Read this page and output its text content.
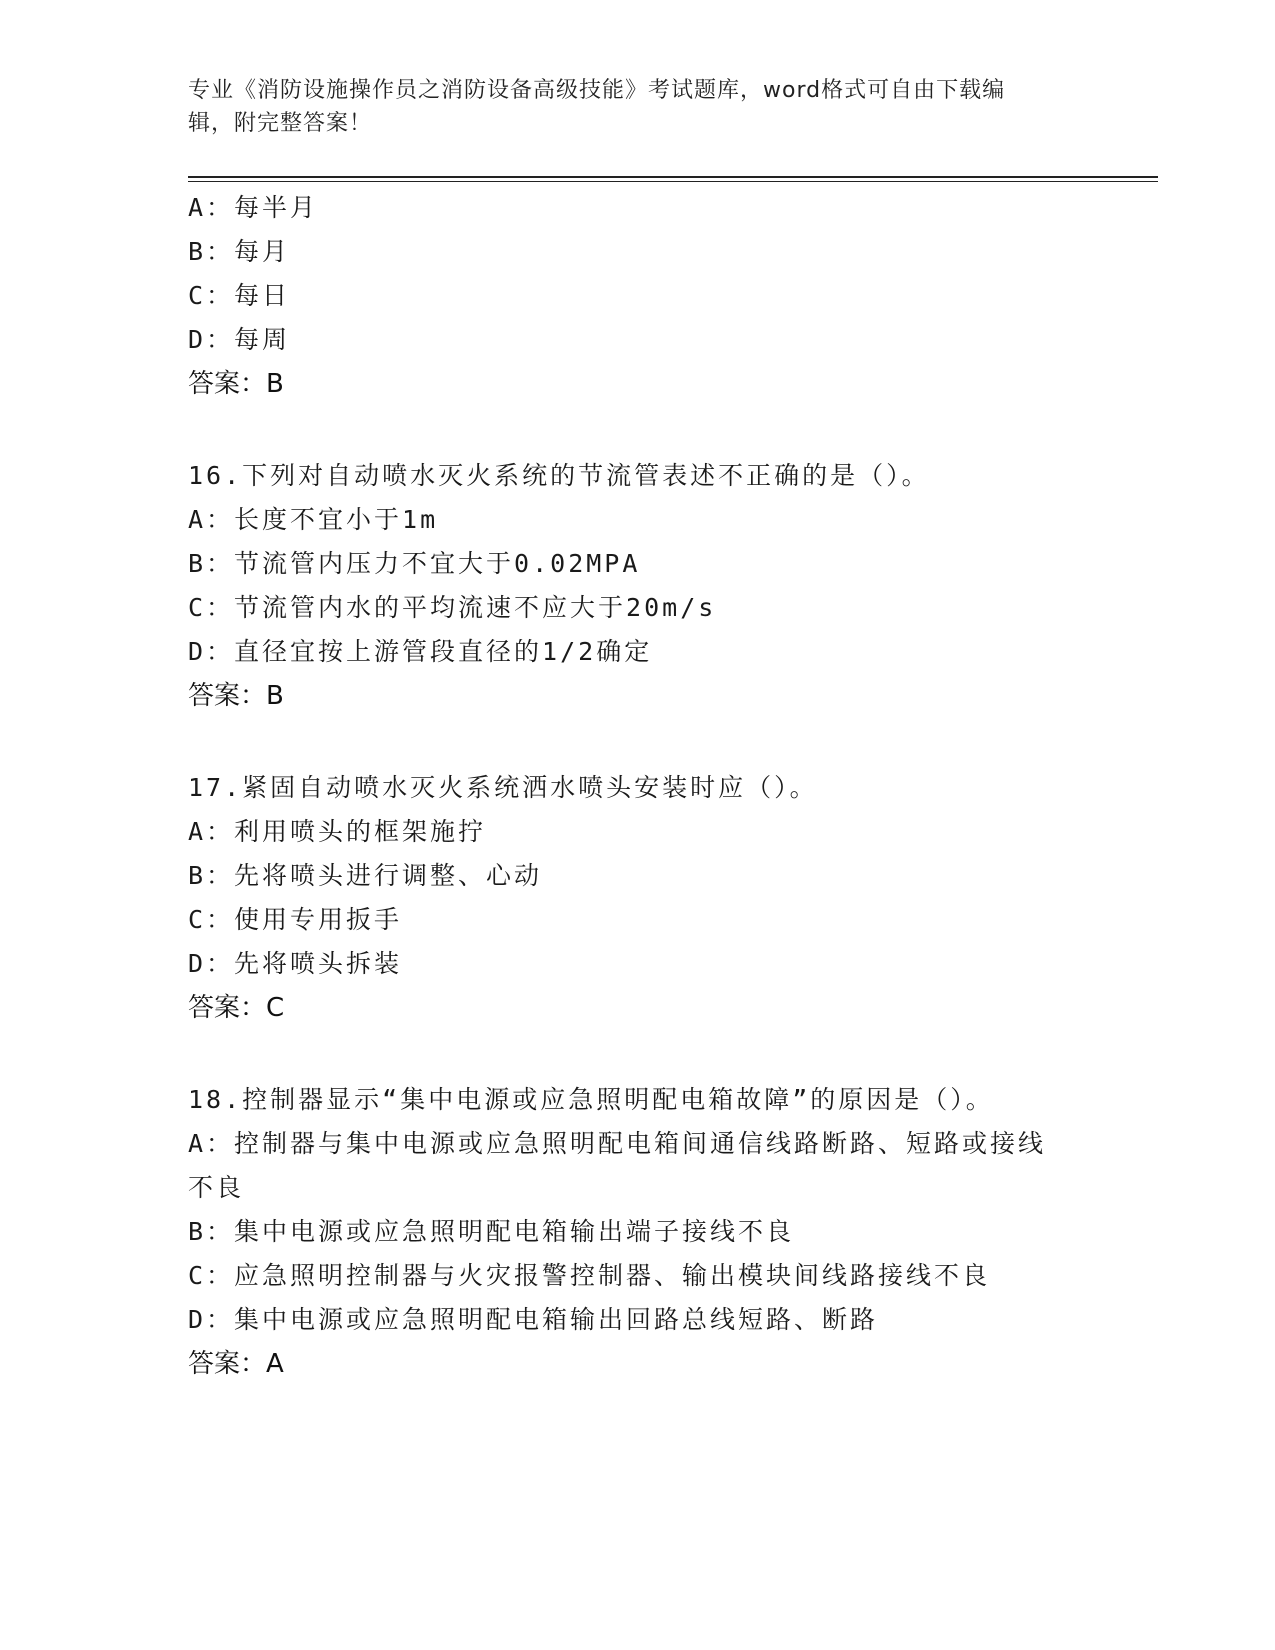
专业《消防设施操作员之消防设备高级技能》考试题库，word格式可自由下载编
辑，附完整答案！
A：每半月
B：每月
C：每日
D：每周
答案：B
16.下列对自动喷水灭火系统的节流管表述不正确的是（）。
A：长度不宜小于1m
B：节流管内压力不宜大于0.02MPA
C：节流管内水的平均流速不应大于20m/s
D：直径宜按上游管段直径的1/2确定
答案：B
17.紧固自动喷水灭火系统洒水喷头安装时应（）。
A：利用喷头的框架施拧
B：先将喷头进行调整、心动
C：使用专用扳手
D：先将喷头拆装
答案：C
18.控制器显示“集中电源或应急照明配电箱故障”的原因是（）。
A：控制器与集中电源或应急照明配电箱间通信线路断路、短路或接线
不良
B：集中电源或应急照明配电箱输出端子接线不良
C：应急照明控制器与火灾报警控制器、输出模块间线路接线不良
D：集中电源或应急照明配电箱输出回路总线短路、断路
答案：A
